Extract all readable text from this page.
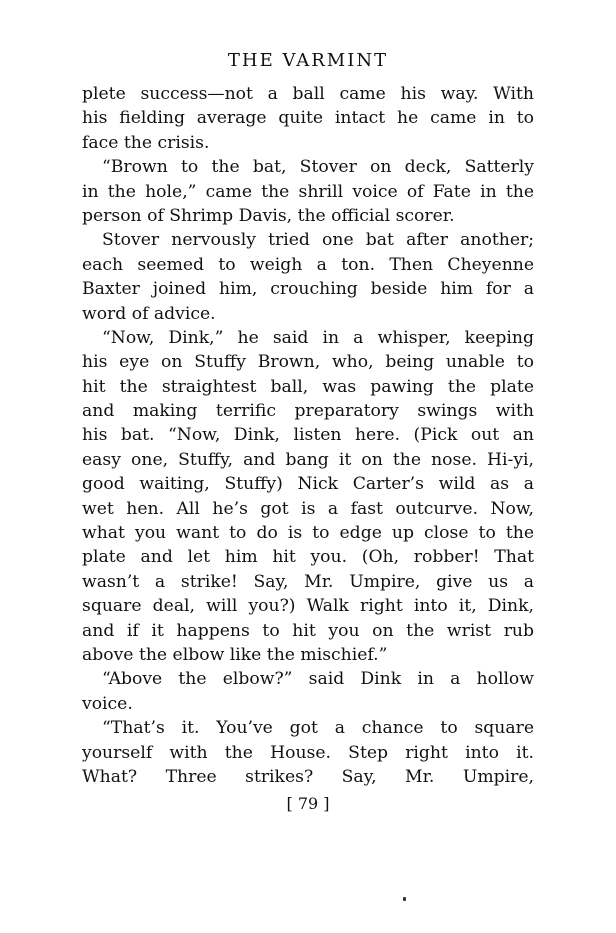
THE VARMINT
plete success—not a ball came his way. With
his fielding average quite intact he came in to
face the crisis.
“Brown to the bat, Stover on deck, Satterly
in the hole,” came the shrill voice of Fate in the
person of Shrimp Davis, the official scorer.
Stover nervously tried one bat after another;
each seemed to weigh a ton. Then Cheyenne
Baxter joined him, crouching beside him for a
word of advice.
“Now, Dink,” he said in a whisper, keeping
his eye on Stuffy Brown, who, being unable to
hit the straightest ball, was pawing the plate
and making terrific preparatory swings with
his bat. “Now, Dink, listen here. (Pick out an
easy one, Stuffy, and bang it on the nose. Hi-yi,
good waiting, Stuffy) Nick Carter’s wild as a
wet hen. All he’s got is a fast outcurve. Now,
what you want to do is to edge up close to the
plate and let him hit you. (Oh, robber! That
wasn’t a strike! Say, Mr. Umpire, give us a
square deal, will you?) Walk right into it, Dink,
and if it happens to hit you on the wrist rub
above the elbow like the mischief.”
“Above the elbow?” said Dink in a hollow
voice.
“That’s it. You’ve got a chance to square
yourself with the House. Step right into it.
What? Three strikes? Say, Mr. Umpire,
[ 79 ]
